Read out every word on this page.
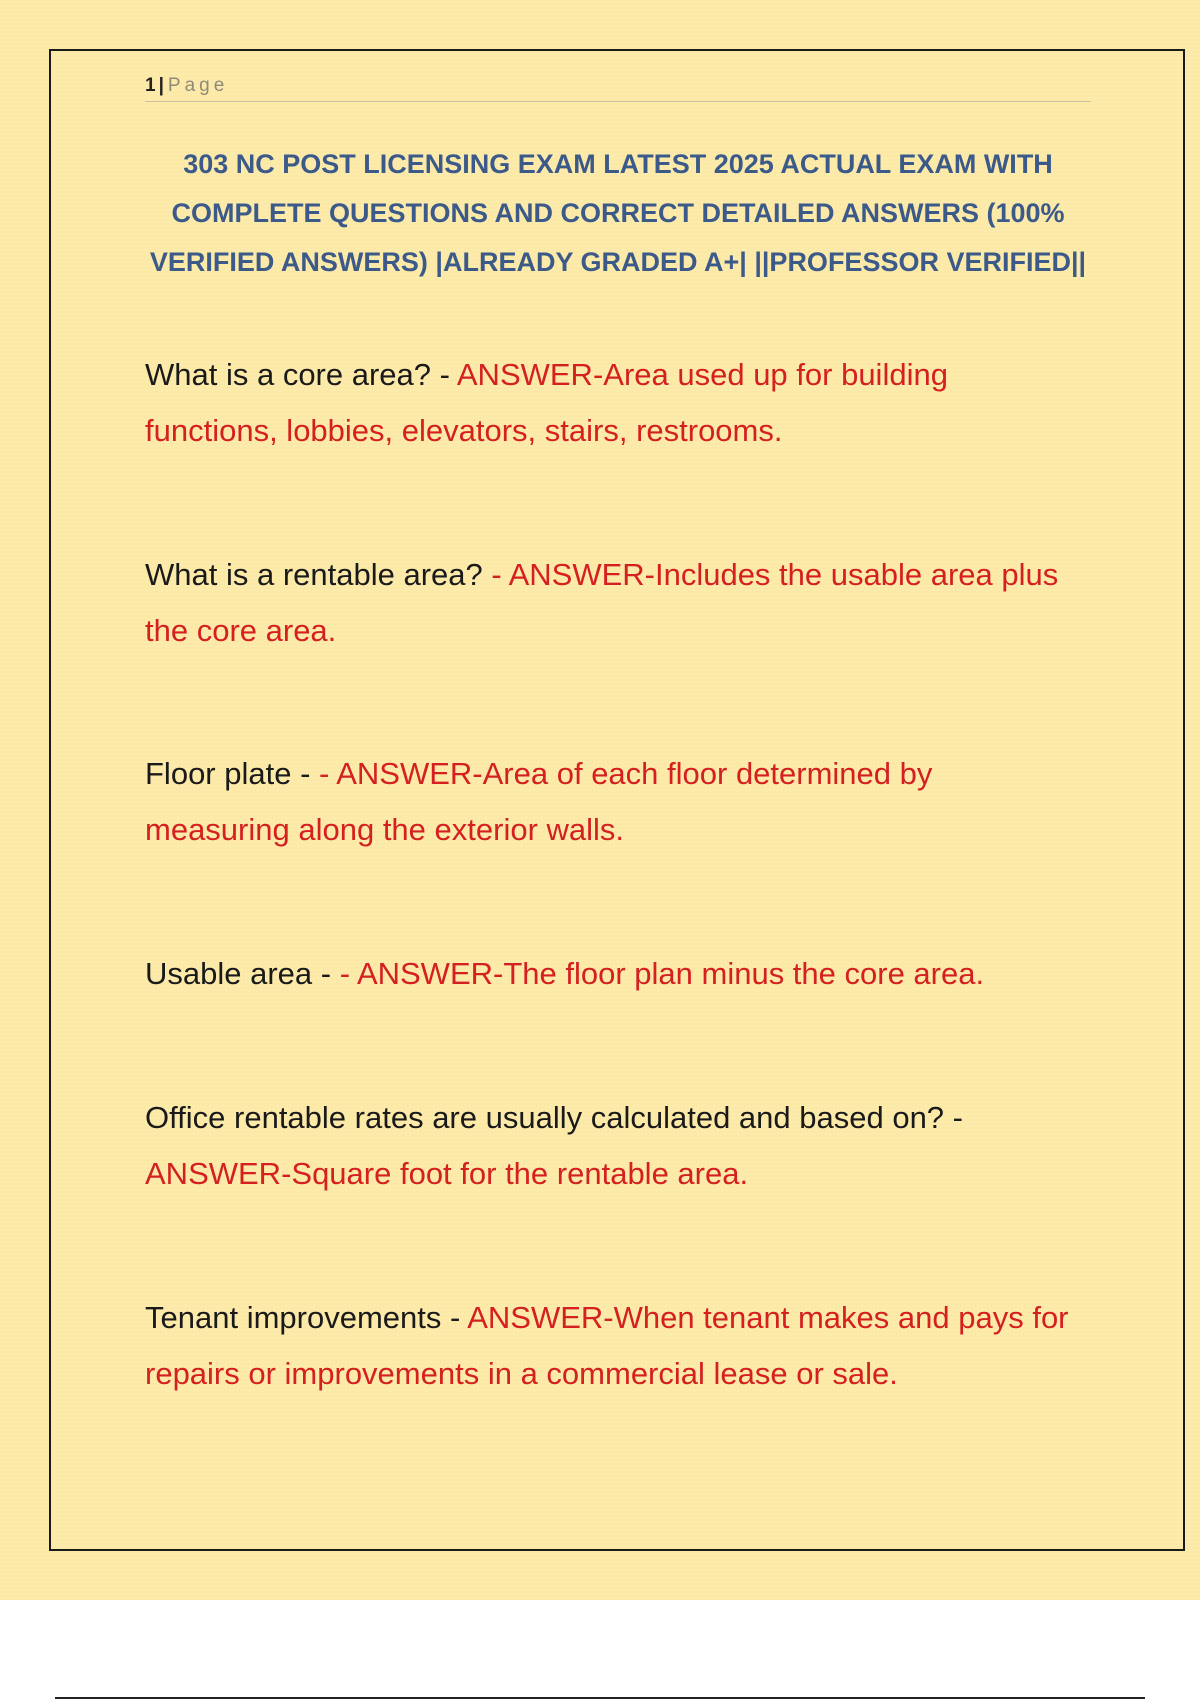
1 | Page
303 NC POST LICENSING EXAM LATEST 2025 ACTUAL EXAM WITH COMPLETE QUESTIONS AND CORRECT DETAILED ANSWERS (100% VERIFIED ANSWERS) |ALREADY GRADED A+| ||PROFESSOR VERIFIED||
What is a core area? - ANSWER-Area used up for building functions, lobbies, elevators, stairs, restrooms.
What is a rentable area? - ANSWER-Includes the usable area plus the core area.
Floor plate - - ANSWER-Area of each floor determined by measuring along the exterior walls.
Usable area - - ANSWER-The floor plan minus the core area.
Office rentable rates are usually calculated and based on? - ANSWER-Square foot for the rentable area.
Tenant improvements - ANSWER-When tenant makes and pays for repairs or improvements in a commercial lease or sale.
